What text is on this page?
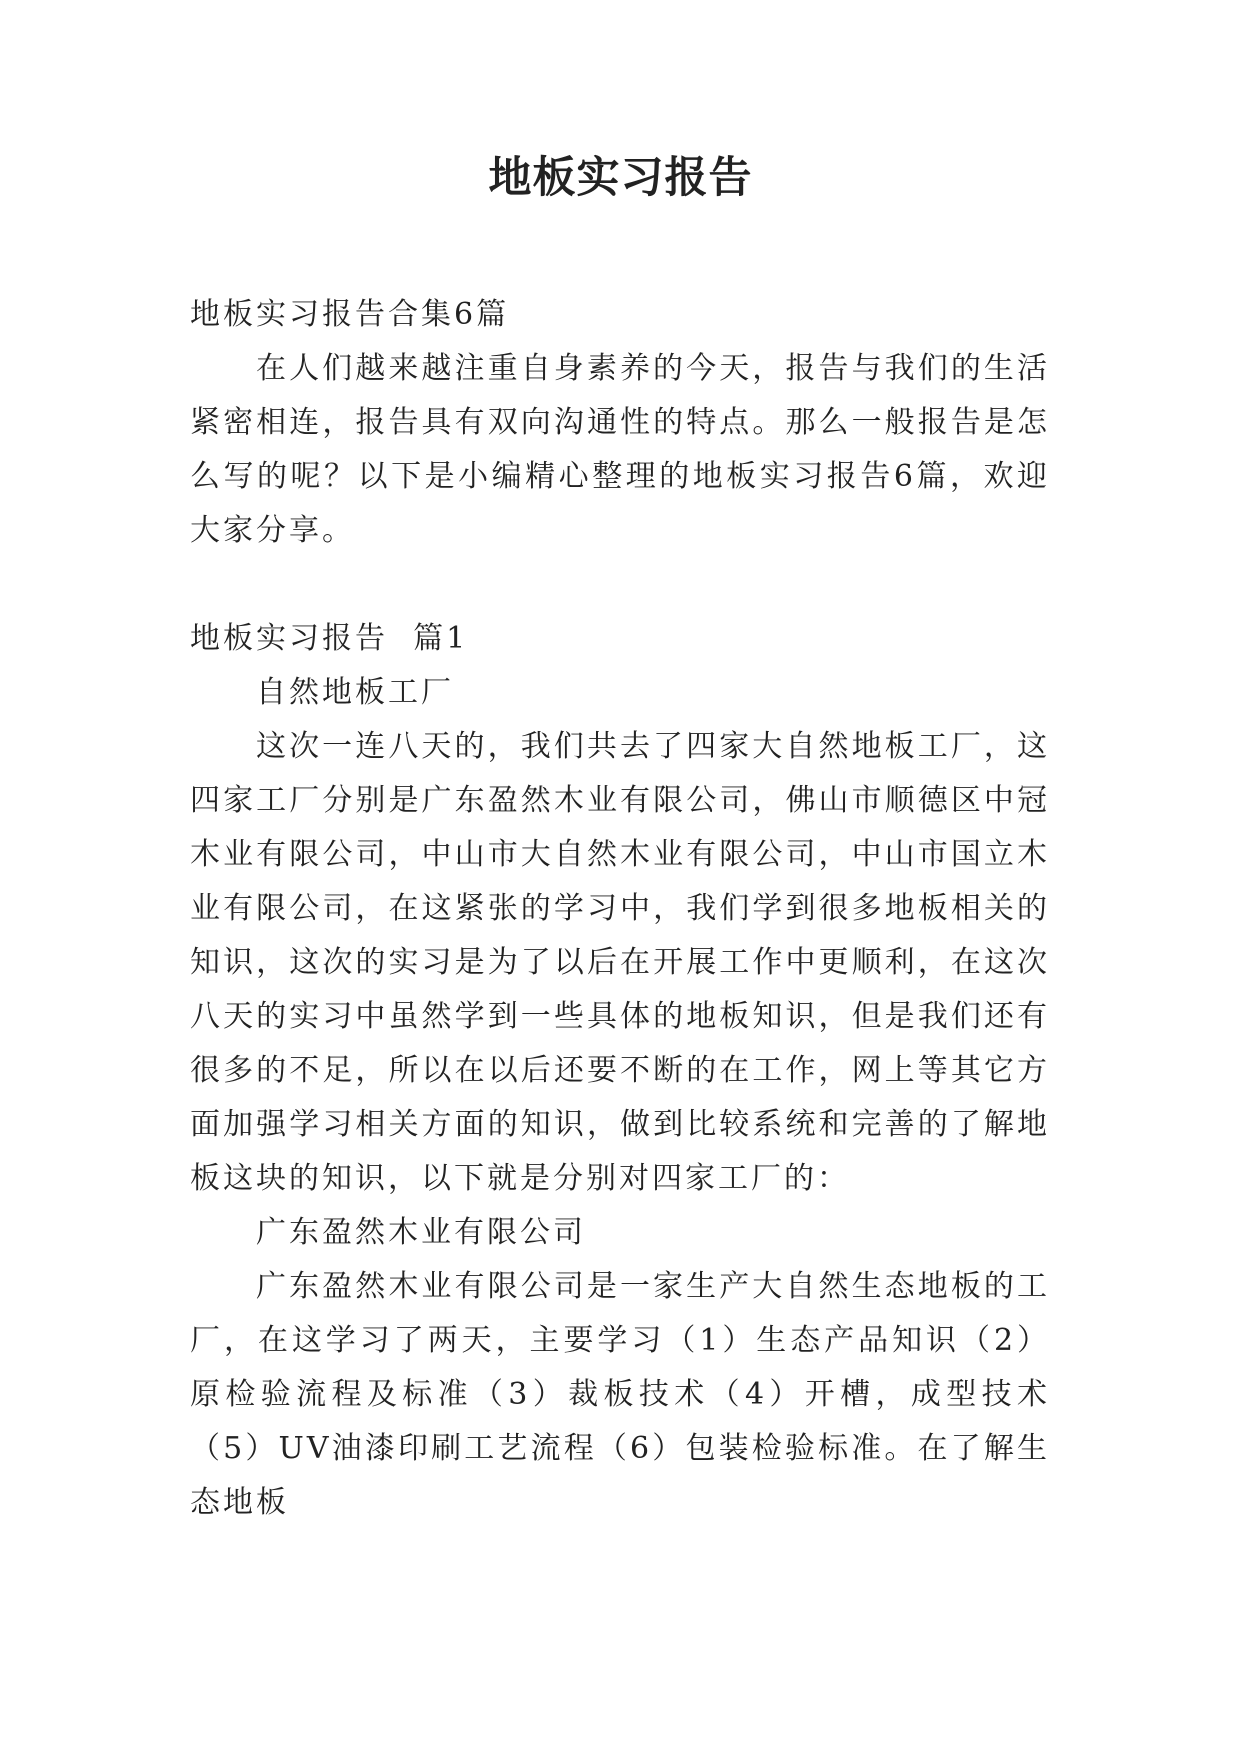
地板实习报告

地板实习报告合集6篇

在人们越来越注重自身素养的今天，报告与我们的生活紧密相连，报告具有双向沟通性的特点。那么一般报告是怎么写的呢？以下是小编精心整理的地板实习报告6篇，欢迎大家分享。

地板实习报告  篇1

自然地板工厂

这次一连八天的，我们共去了四家大自然地板工厂，这四家工厂分别是广东盈然木业有限公司，佛山市顺德区中冠木业有限公司，中山市大自然木业有限公司，中山市国立木业有限公司，在这紧张的学习中，我们学到很多地板相关的知识，这次的实习是为了以后在开展工作中更顺利，在这次八天的实习中虽然学到一些具体的地板知识，但是我们还有很多的不足，所以在以后还要不断的在工作，网上等其它方面加强学习相关方面的知识，做到比较系统和完善的了解地板这块的知识，以下就是分别对四家工厂的：

广东盈然木业有限公司

广东盈然木业有限公司是一家生产大自然生态地板的工厂，在这学习了两天，主要学习（1）生态产品知识（2）原检验流程及标准（3）裁板技术（4）开槽，成型技术（5）UV油漆印刷工艺流程（6）包装检验标准。在了解生态地板
